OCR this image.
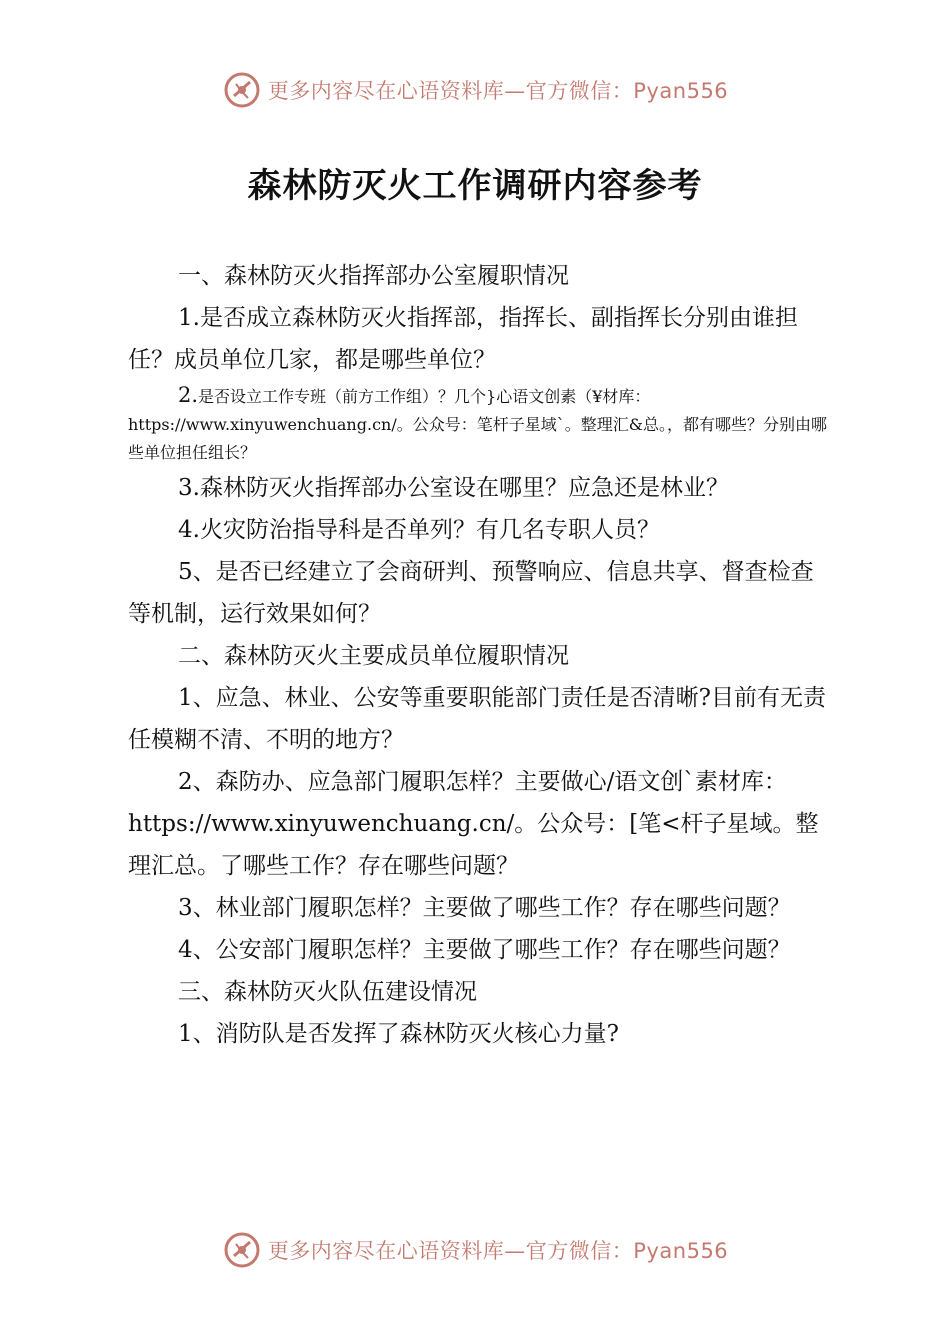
更多内容尽在心语资料库—官方微信：Pyan556
森林防灭火工作调研内容参考

一、森林防灭火指挥部办公室履职情况

1.是否成立森林防灭火指挥部，指挥长、副指挥长分别由谁担任？成员单位几家，都是哪些单位？

2.是否设立工作专班（前方工作组）？几个}心语文创素（¥材库：https://www.xinyuwenchuang.cn/。公众号：笔杆子星域`。整理汇&总。，都有哪些？分别由哪些单位担任组长？

3.森林防灭火指挥部办公室设在哪里？应急还是林业？

4.火灾防治指导科是否单列？有几名专职人员？

5、是否已经建立了会商研判、预警响应、信息共享、督查检查等机制，运行效果如何？

二、森林防灭火主要成员单位履职情况

1、应急、林业、公安等重要职能部门责任是否清晰?目前有无责任模糊不清、不明的地方？

2、森防办、应急部门履职怎样？主要做心/语文创`素材库：https://www.xinyuwenchuang.cn/。公众号：[笔<杆子星域。整理汇总。了哪些工作？存在哪些问题？

3、林业部门履职怎样？主要做了哪些工作？存在哪些问题？

4、公安部门履职怎样？主要做了哪些工作？存在哪些问题？

三、森林防灭火队伍建设情况

1、消防队是否发挥了森林防灭火核心力量?

更多内容尽在心语资料库—官方微信：Pyan556
